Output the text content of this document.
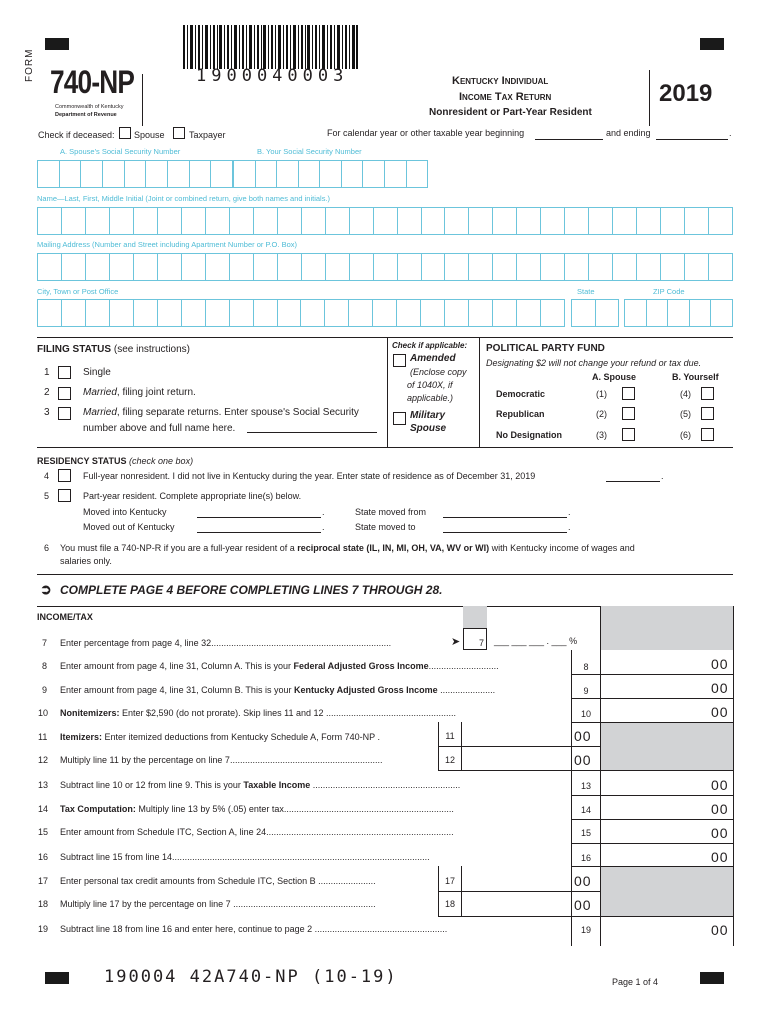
FORM 740-NP
Commonwealth of Kentucky
Department of Revenue
1900040003	Kentucky Individual
Income Tax Return
Nonresident or Part-Year Resident
2019
Check if deceased: Spouse	Taxpayer	For calendar year or other taxable year beginning	and ending	.
A. Spouse's Social Security Number	B. Your Social Security Number
Name—Last, First, Middle Initial (Joint or combined return, give both names and initials.)
Mailing Address (Number and Street including Apartment Number or P.O. Box)
City, Town or Post Office	State	ZIP Code
FILING STATUS (see instructions)
1	Single
2	Married, filing joint return.
3	Married, filing separate returns. Enter spouse's Social Security
number above and full name here.
Check if applicable:
Amended
(Enclose copy
of 1040X, if
applicable.)
Military
Spouse
POLITICAL PARTY FUND
Designating $2 will not change your refund or tax due.
A. Spouse	B. Yourself
Democratic	(1)	(4)
Republican	(2)	(5)
No Designation	(3)	(6)
RESIDENCY STATUS (check one box)
4	Full-year nonresident. I did not live in Kentucky during the year. Enter state of residence as of December 31, 2019	.
5	Part-year resident. Complete appropriate line(s) below.
Moved into Kentucky	.	State moved from	.
Moved out of Kentucky	.	State moved to	.
6 You must file a 740-NP-R if you are a full-year resident of a reciprocal state (IL, IN, MI, OH, VA, WV or WI) with Kentucky income of wages and
salaries only.
➲ COMPLETE PAGE 4 BEFORE COMPLETING LINES 7 THROUGH 28.
INCOME/TAX
7 Enter percentage from page 4, line 32........................................................................	➤ 7 ___ ___ ___ . ___ %
8 Enter amount from page 4, line 31, Column A. This is your Federal Adjusted Gross Income............................	8	00
9 Enter amount from page 4, line 31, Column B. This is your Kentucky Adjusted Gross Income ......................	9	00
10 Nonitemizers: Enter $2,590 (do not prorate). Skip lines 11 and 12 ....................................................	10	00
11 Itemizers: Enter itemized deductions from Kentucky Schedule A, Form 740-NP .	11	00
12 Multiply line 11 by the percentage on line 7.............................................................	12	00
13 Subtract line 10 or 12 from line 9. This is your Taxable Income ...........................................................	13	00
14 Tax Computation: Multiply line 13 by 5% (.05) enter tax....................................................................	14	00
15 Enter amount from Schedule ITC, Section A, line 24...........................................................................	15	00
16 Subtract line 15 from line 14.......................................................................................................	16	00
17 Enter personal tax credit amounts from Schedule ITC, Section B .......................	17	00
18 Multiply line 17 by the percentage on line 7 .........................................................	18	00
19 Subtract line 18 from line 16 and enter here, continue to page 2 .....................................................	19	00
190004 42A740-NP (10-19)	Page 1 of 4
